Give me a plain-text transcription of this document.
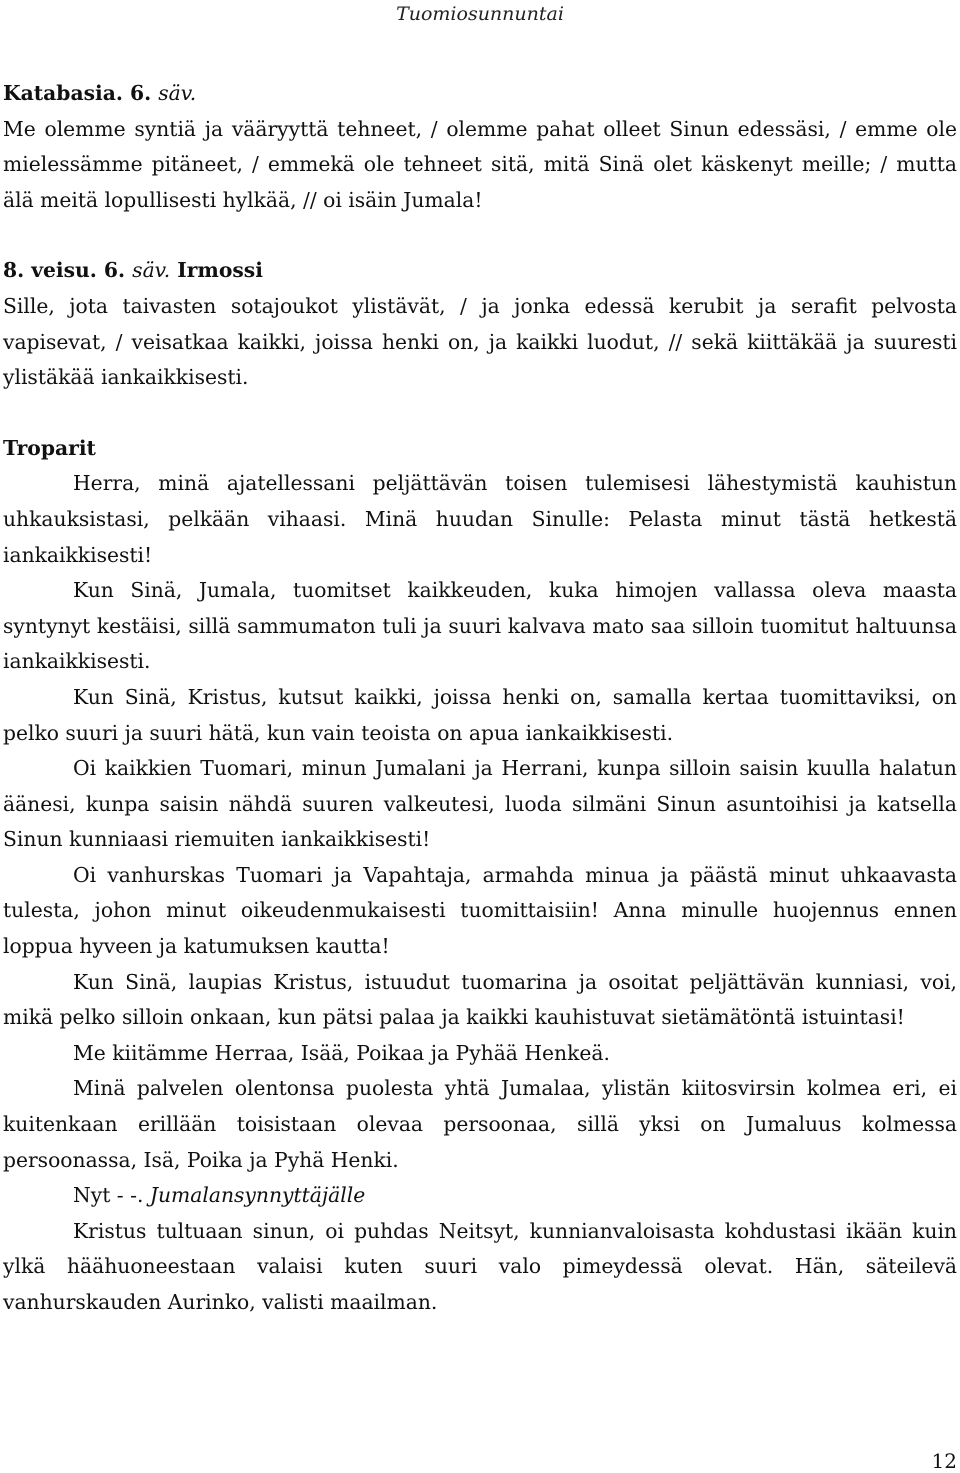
Tuomiosunnuntai

Katabasia. 6. säv.

Me olemme syntiä ja vääryyttä tehneet, / olemme pahat olleet Sinun edessäsi, / emme ole mielessämme pitäneet, / emmekä ole tehneet sitä, mitä Sinä olet käskenyt meille; / mutta älä meitä lopullisesti hylkää, // oi isäin Jumala!

8. veisu. 6. säv. Irmossi

Sille, jota taivasten sotajoukot ylistävät, / ja jonka edessä kerubit ja serafit pelvosta vapisevat, / veisatkaa kaikki, joissa henki on, ja kaikki luodut, // sekä kiittäkää ja suuresti ylistäkää iankaikkisesti.

Troparit

Herra, minä ajatellessani peljättävän toisen tulemisesi lähestymistä kauhistun uhkauksistasi, pelkään vihaasi. Minä huudan Sinulle: Pelasta minut tästä hetkestä iankaikkisesti!

Kun Sinä, Jumala, tuomitset kaikkeuden, kuka himojen vallassa oleva maasta syntynyt kestäisi, sillä sammumaton tuli ja suuri kalvava mato saa silloin tuomitut haltuunsa iankaikkisesti.

Kun Sinä, Kristus, kutsut kaikki, joissa henki on, samalla kertaa tuomittaviksi, on pelko suuri ja suuri hätä, kun vain teoista on apua iankaikkisesti.

Oi kaikkien Tuomari, minun Jumalani ja Herrani, kunpa silloin saisin kuulla halatun äänesi, kunpa saisin nähdä suuren valkeutesi, luoda silmäni Sinun asuntoihisi ja katsella Sinun kunniaasi riemuiten iankaikkisesti!

Oi vanhurskas Tuomari ja Vapahtaja, armahda minua ja päästä minut uhkaavasta tulesta, johon minut oikeudenmukaisesti tuomittaisiin! Anna minulle huojennus ennen loppua hyveen ja katumuksen kautta!

Kun Sinä, laupias Kristus, istuudut tuomarina ja osoitat peljättävän kunniasi, voi, mikä pelko silloin onkaan, kun pätsi palaa ja kaikki kauhistuvat sietämätöntä istuintasi!

Me kiitämme Herraa, Isää, Poikaa ja Pyhää Henkeä.

Minä palvelen olentonsa puolesta yhtä Jumalaa, ylistän kiitosvirsin kolmea eri, ei kuitenkaan erillään toisistaan olevaa persoonaa, sillä yksi on Jumaluus kolmessa persoonassa, Isä, Poika ja Pyhä Henki.

Nyt - -. Jumalansynnyttäjälle

Kristus tultuaan sinun, oi puhdas Neitsyt, kunnianvaloisasta kohdustasi ikään kuin ylkä häähuoneestaan valaisi kuten suuri valo pimeydessä olevat. Hän, säteilevä vanhurskauden Aurinko, valisti maailman.

12
